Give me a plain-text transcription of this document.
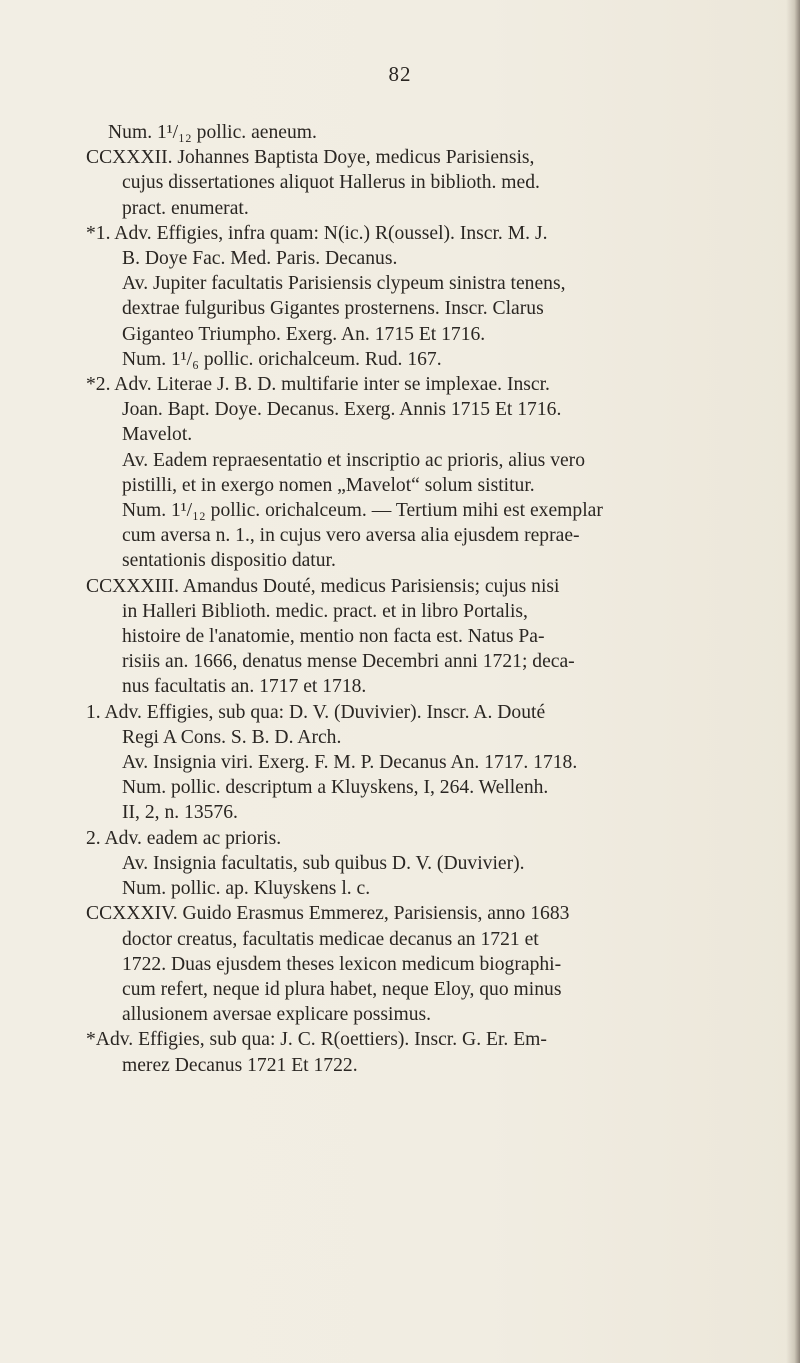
82
Num. 1¹/₁₂ pollic. aeneum.
CCXXXII. Johannes Baptista Doye, medicus Parisiensis,
cujus dissertationes aliquot Hallerus in biblioth. med.
pract. enumerat.
*1. Adv. Effigies, infra quam: N(ic.) R(oussel). Inscr. M. J.
B. Doye Fac. Med. Paris. Decanus.
Av. Jupiter facultatis Parisiensis clypeum sinistra tenens,
dextrae fulguribus Gigantes prosternens. Inscr. Clarus
Giganteo Triumpho. Exerg. An. 1715 Et 1716.
Num. 1¹/₆ pollic. orichalceum. Rud. 167.
*2. Adv. Literae J. B. D. multifarie inter se implexae. Inscr.
Joan. Bapt. Doye. Decanus. Exerg. Annis 1715 Et 1716.
Mavelot.
Av. Eadem repraesentatio et inscriptio ac prioris, alius vero
pistilli, et in exergo nomen „Mavelot“ solum sistitur.
Num. 1¹/₁₂ pollic. orichalceum. — Tertium mihi est exemplar
cum aversa n. 1., in cujus vero aversa alia ejusdem reprae-
sentationis dispositio datur.
CCXXXIII. Amandus Douté, medicus Parisiensis; cujus nisi
in Halleri Biblioth. medic. pract. et in libro Portalis,
histoire de l'anatomie, mentio non facta est. Natus Pa-
risiis an. 1666, denatus mense Decembri anni 1721; deca-
nus facultatis an. 1717 et 1718.
1. Adv. Effigies, sub qua: D. V. (Duvivier). Inscr. A. Douté
Regi A Cons. S. B. D. Arch.
Av. Insignia viri. Exerg. F. M. P. Decanus An. 1717. 1718.
Num. pollic. descriptum a Kluyskens, I, 264. Wellenh.
II, 2, n. 13576.
2. Adv. eadem ac prioris.
Av. Insignia facultatis, sub quibus D. V. (Duvivier).
Num. pollic. ap. Kluyskens l. c.
CCXXXIV. Guido Erasmus Emmerez, Parisiensis, anno 1683
doctor creatus, facultatis medicae decanus an 1721 et
1722. Duas ejusdem theses lexicon medicum biographi-
cum refert, neque id plura habet, neque Eloy, quo minus
allusionem aversae explicare possimus.
*Adv. Effigies, sub qua: J. C. R(oettiers). Inscr. G. Er. Em-
merez Decanus 1721 Et 1722.
